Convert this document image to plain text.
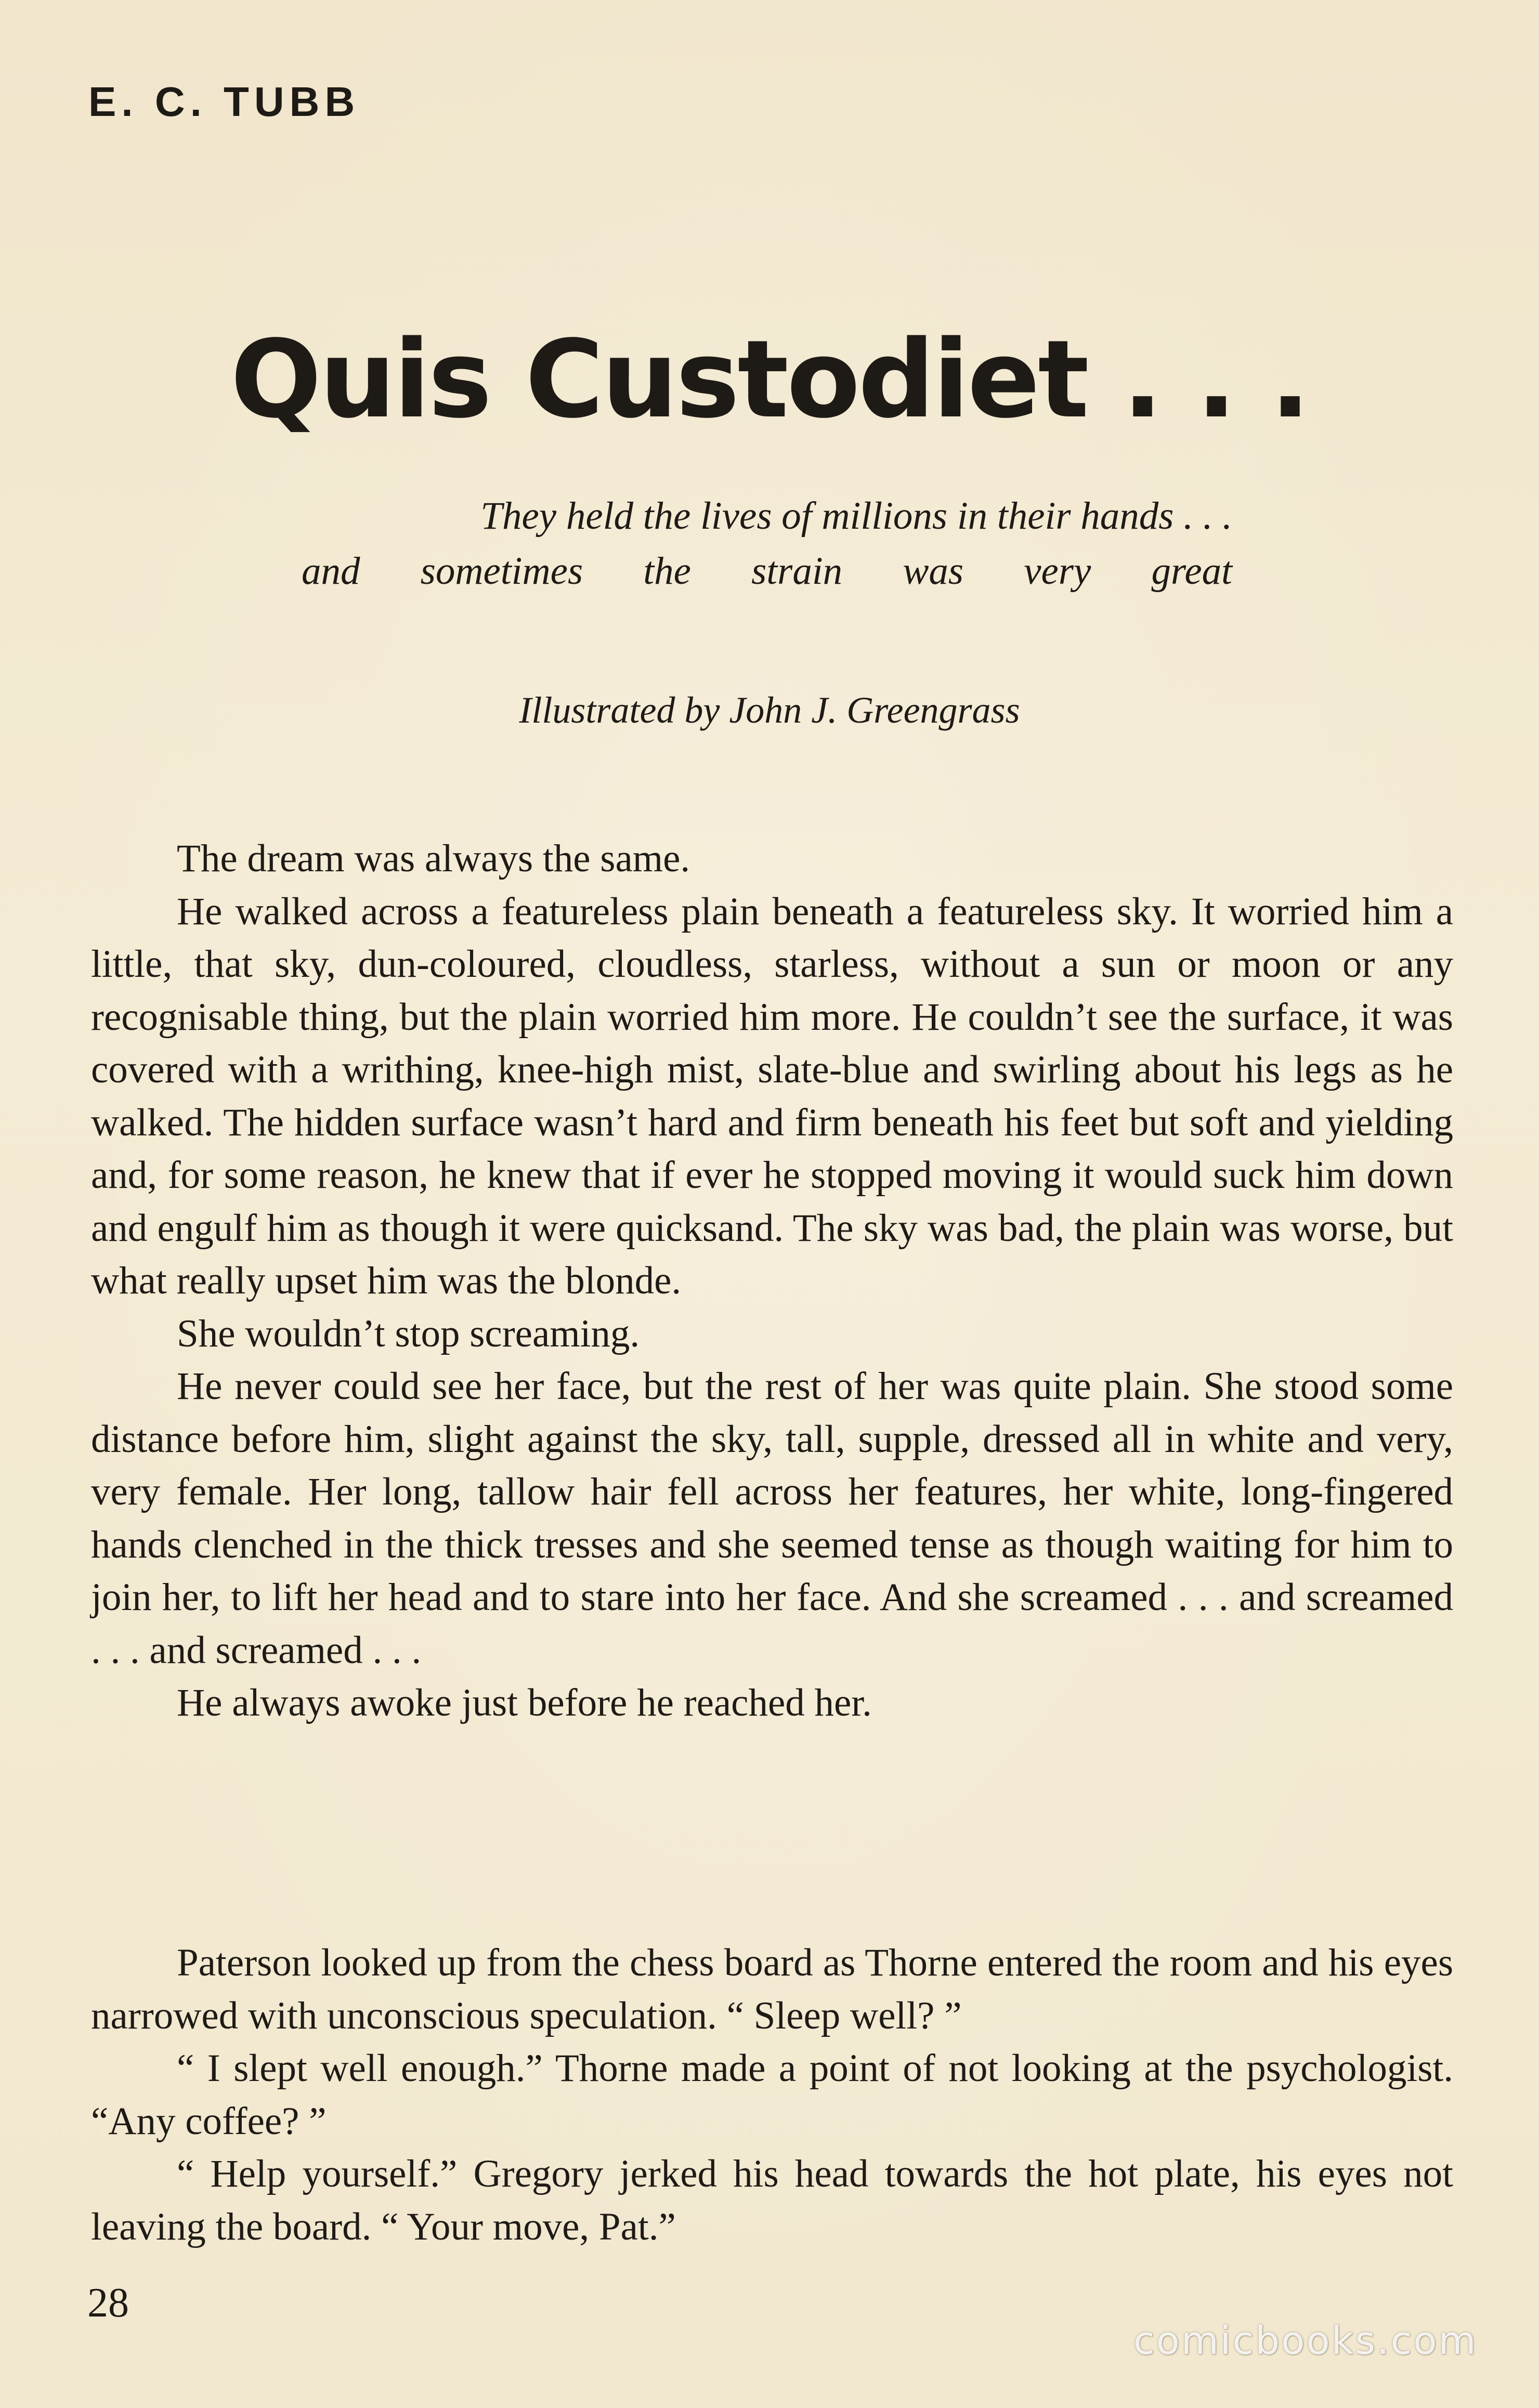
E. C. TUBB
Quis Custodiet . . .
They held the lives of millions in their hands . . .
and sometimes the strain was very great
Illustrated by John J. Greengrass

The dream was always the same.

He walked across a featureless plain beneath a featureless sky. It worried him a little, that sky, dun-coloured, cloudless, starless, without a sun or moon or any recognisable thing, but the plain worried him more. He couldn’t see the surface, it was covered with a writhing, knee-high mist, slate-blue and swirling about his legs as he walked. The hidden surface wasn’t hard and firm beneath his feet but soft and yielding and, for some reason, he knew that if ever he stopped moving it would suck him down and engulf him as though it were quicksand. The sky was bad, the plain was worse, but what really upset him was the blonde.

She wouldn’t stop screaming.

He never could see her face, but the rest of her was quite plain. She stood some distance before him, slight against the sky, tall, supple, dressed all in white and very, very female. Her long, tallow hair fell across her features, her white, long-fingered hands clenched in the thick tresses and she seemed tense as though waiting for him to join her, to lift her head and to stare into her face. And she screamed . . . and screamed . . . and screamed . . .

He always awoke just before he reached her.

Paterson looked up from the chess board as Thorne entered the room and his eyes narrowed with unconscious speculation. “ Sleep well? ”

“ I slept well enough.” Thorne made a point of not looking at the psychologist. “Any coffee? ”

“ Help yourself.” Gregory jerked his head towards the hot plate, his eyes not leaving the board. “ Your move, Pat.”

28
comicbooks.com
